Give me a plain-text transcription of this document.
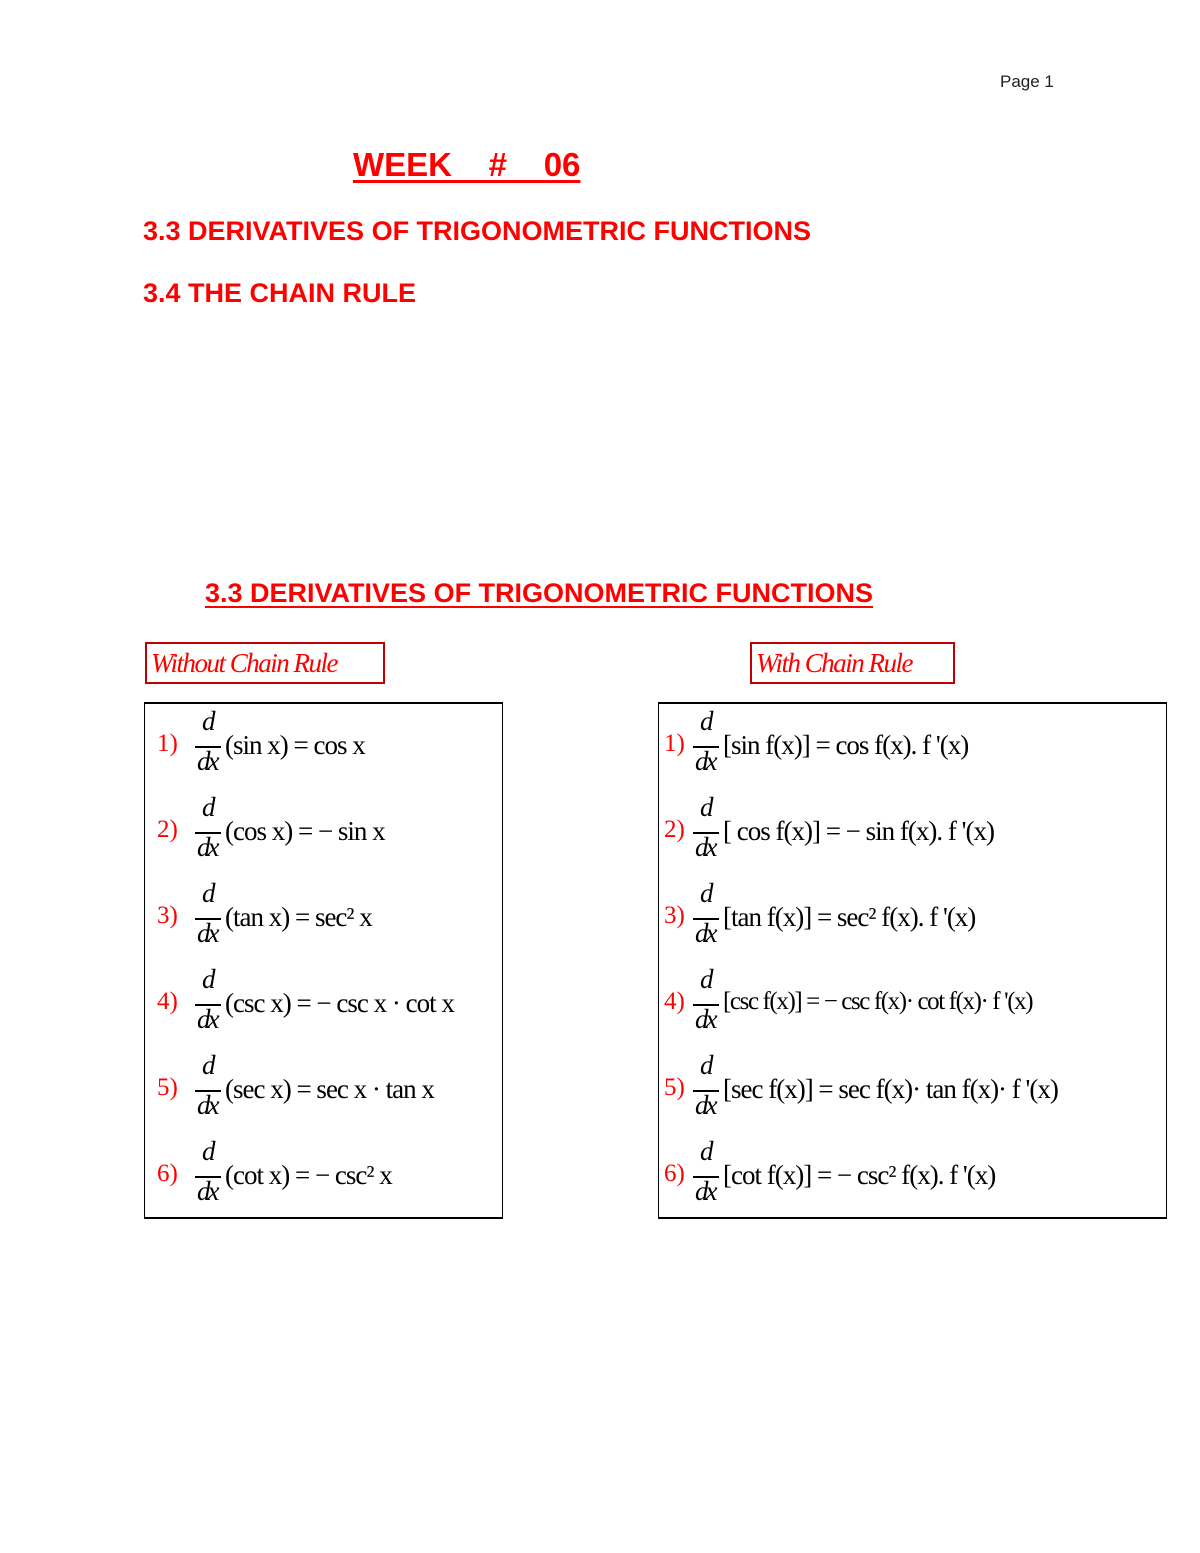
Page 1
WEEK    #    06
3.3 DERIVATIVES OF TRIGONOMETRIC FUNCTIONS
3.4 THE CHAIN RULE
3.3 DERIVATIVES OF TRIGONOMETRIC FUNCTIONS
Without Chain Rule	With Chain Rule
1)
d
dx
(sin x) = cos x
2)
d
dx
(cos x) = − sin x
3)
d
dx
(tan x) = sec² x
4)
d
dx
(csc x) = − csc x · cot x
5)
d
dx
(sec x) = sec x · tan x
6)
d
dx
(cot x) = − csc² x
1)
d
dx
[sin f(x)] = cos f(x). f '(x)
2)
d
dx
[ cos f(x)] = − sin f(x). f '(x)
3)
d
dx
[tan f(x)] = sec² f(x). f '(x)
4)
d
dx
[csc f(x)] = − csc f(x)· cot f(x)· f '(x)
5)
d
dx
[sec f(x)] = sec f(x)· tan f(x)· f '(x)
6)
d
dx
[cot f(x)] = − csc² f(x). f '(x)
